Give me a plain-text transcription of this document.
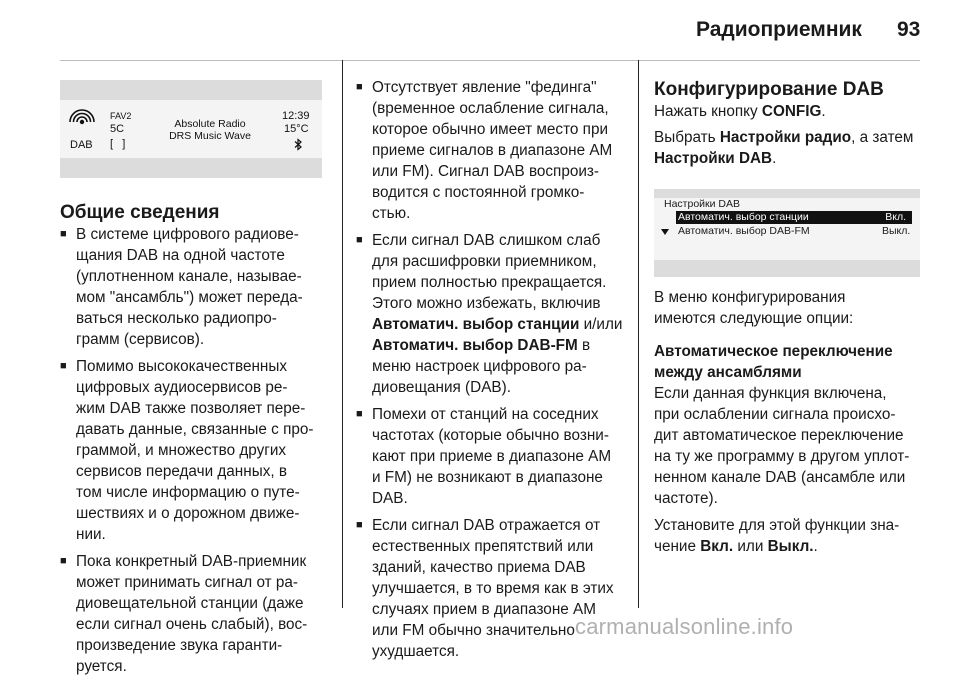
Радиоприемник 93
DAB
FAV2
5C
[   ]
Absolute Radio
DRS Music Wave
12:39
15°C

Общие сведения

■ В системе цифрового радиове-

щания DAB на одной частоте

(уплотненном канале, называе-

мом "ансамбль") может переда-

ваться несколько радиопро-

грамм (сервисов).

■ Помимо высококачественных

цифровых аудиосервисов ре-

жим DAB также позволяет пере-

давать данные, связанные с про-

граммой, и множество других

сервисов передачи данных, в

том числе информацию о путе-

шествиях и о дорожном движе-

нии.

■ Пока конкретный DAB-приемник

может принимать сигнал от ра-

диовещательной станции (даже

если сигнал очень слабый), вос-

произведение звука гаранти-

руется.

■ Отсутствует явление "фединга"

(временное ослабление сигнала,

которое обычно имеет место при

приеме сигналов в диапазоне АМ

или FM). Сигнал DAB воспроиз-

водится с постоянной громко-

стью.

■ Если сигнал DAB слишком слаб

для расшифровки приемником,

прием полностью прекращается.

Этого можно избежать, включив

Автоматич. выбор станции и/или

Автоматич. выбор DAB-FM в

меню настроек цифрового ра-

диовещания (DAB).

■ Помехи от станций на соседних

частотах (которые обычно возни-

кают при приеме в диапазоне АМ

и FM) не возникают в диапазоне

DAB.

■ Если сигнал DAB отражается от

естественных препятствий или

зданий, качество приема DAB

улучшается, в то время как в этих

случаях прием в диапазоне АМ

или FM обычно значительно

ухудшается.

Конфигурирование DAB

Нажать кнопку CONFIG.

Выбрать Настройки радио, а затем

Настройки DAB.

Настройки DAB
Автоматич. выбор станции	Вкл.
Автоматич. выбор DAB-FM	Выкл.

В меню конфигурирования

имеются следующие опции:

Автоматическое переключение

между ансамблями

Если данная функция включена,

при ослаблении сигнала происхо-

дит автоматическое переключение

на ту же программу в другом уплот-

ненном канале DAB (ансамбле или

частоте).

Установите для этой функции зна-

чение Вкл. или Выкл..

carmanualsonline.info
